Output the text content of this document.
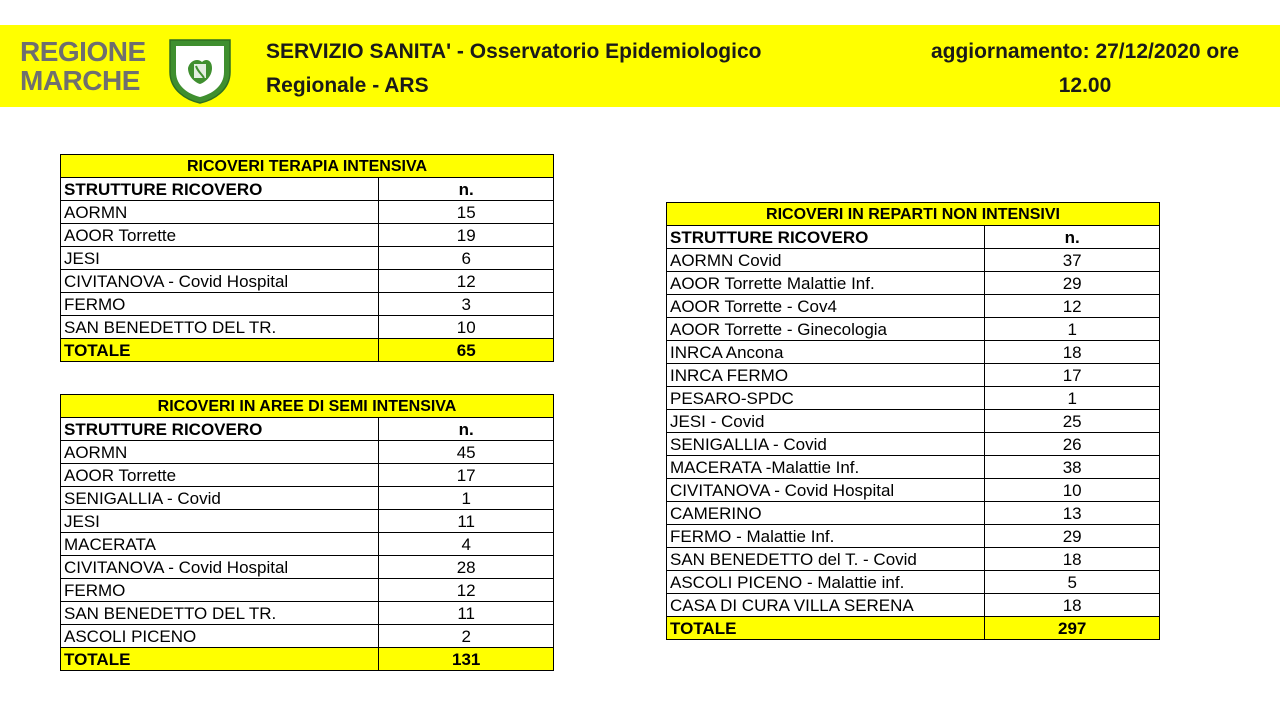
REGIONE
MARCHE
SERVIZIO SANITA' - Osservatorio Epidemiologico
Regionale - ARS
aggiornamento: 27/12/2020 ore
12.00
RICOVERI TERAPIA INTENSIVA	
STRUTTURE RICOVERO	n.
AORMN	15
AOOR Torrette	19
JESI	6
CIVITANOVA - Covid Hospital	12
FERMO	3
SAN BENEDETTO DEL TR.	10
TOTALE	65
RICOVERI IN AREE DI SEMI INTENSIVA	
STRUTTURE RICOVERO	n.
AORMN	45
AOOR Torrette	17
SENIGALLIA - Covid	1
JESI	11
MACERATA	4
CIVITANOVA - Covid Hospital	28
FERMO	12
SAN BENEDETTO DEL TR.	11
ASCOLI PICENO	2
TOTALE	131
RICOVERI IN REPARTI NON INTENSIVI	
STRUTTURE RICOVERO	n.
AORMN Covid	37
AOOR Torrette Malattie Inf.	29
AOOR Torrette - Cov4	12
AOOR Torrette - Ginecologia	1
INRCA Ancona	18
INRCA FERMO	17
PESARO-SPDC	1
JESI - Covid	25
SENIGALLIA - Covid	26
MACERATA -Malattie Inf.	38
CIVITANOVA - Covid Hospital	10
CAMERINO	13
FERMO - Malattie Inf.	29
SAN BENEDETTO del T. - Covid	18
ASCOLI PICENO - Malattie inf.	5
CASA DI CURA VILLA SERENA	18
TOTALE	297
